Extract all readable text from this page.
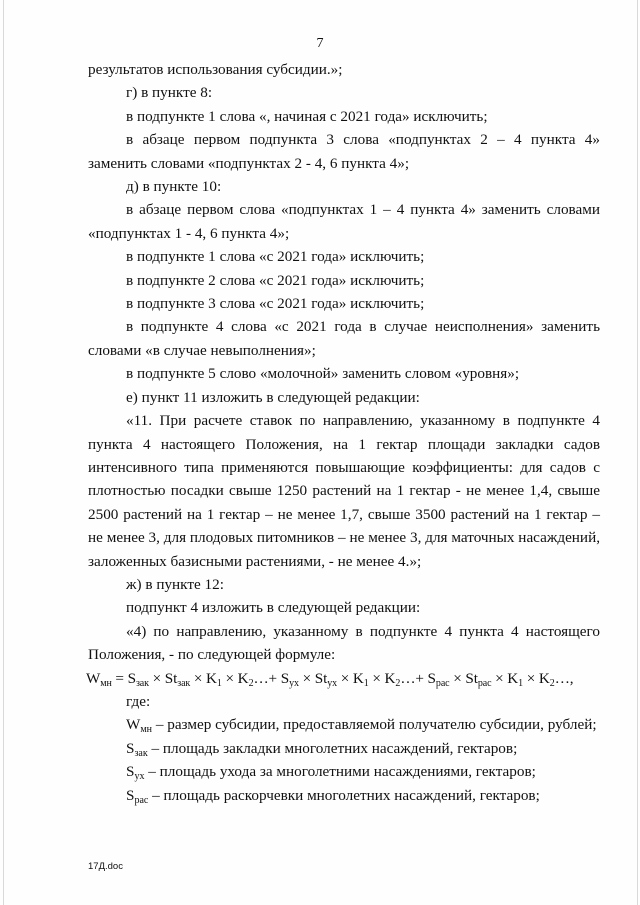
7

результатов использования субсидии.»;

г) в пункте 8:

в подпункте 1 слова «, начиная с 2021 года» исключить;

в абзаце первом подпункта 3 слова «подпунктах 2 – 4 пункта 4» заменить словами «подпунктах 2 - 4, 6 пункта 4»;

д) в пункте 10:

в абзаце первом слова «подпунктах 1 – 4 пункта 4» заменить словами «подпунктах 1 - 4, 6 пункта 4»;

в подпункте 1 слова «с 2021 года» исключить;

в подпункте 2 слова «с 2021 года» исключить;

в подпункте 3 слова «с 2021 года» исключить;

в подпункте 4 слова «с 2021 года в случае неисполнения» заменить словами «в случае невыполнения»;

в подпункте 5 слово «молочной» заменить словом «уровня»;

е) пункт 11 изложить в следующей редакции:

«11. При расчете ставок по направлению, указанному в подпункте 4 пункта 4 настоящего Положения, на 1 гектар площади закладки садов интенсивного типа применяются повышающие коэффициенты: для садов с плотностью посадки свыше 1250 растений на 1 гектар - не менее 1,4, свыше 2500 растений на 1 гектар – не менее 1,7, свыше 3500 растений на 1 гектар – не менее 3, для плодовых питомников – не менее 3, для маточных насаждений, заложенных базисными растениями, - не менее 4.»;

ж) в пункте 12:

подпункт 4 изложить в следующей редакции:

«4) по направлению, указанному в подпункте 4 пункта 4 настоящего Положения, - по следующей формуле:

$W_{мн} = S_{зак} \times St_{зак} \times K_1$ × $K_2\dots+ S_{ух} \times St_{ух} \times K_1$ × $K_2\dots+ S_{рас} \times St_{рас} \times K_1$ × $K_2\dots$,

где:

$W_{мн}$ – размер субсидии, предоставляемой получателю субсидии, рублей;

$S_{зак}$ – площадь закладки многолетних насаждений, гектаров;

$S_{ух}$ – площадь ухода за многолетними насаждениями, гектаров;

$S_{рас}$ – площадь раскорчевки многолетних насаждений, гектаров;

17Д.doc
